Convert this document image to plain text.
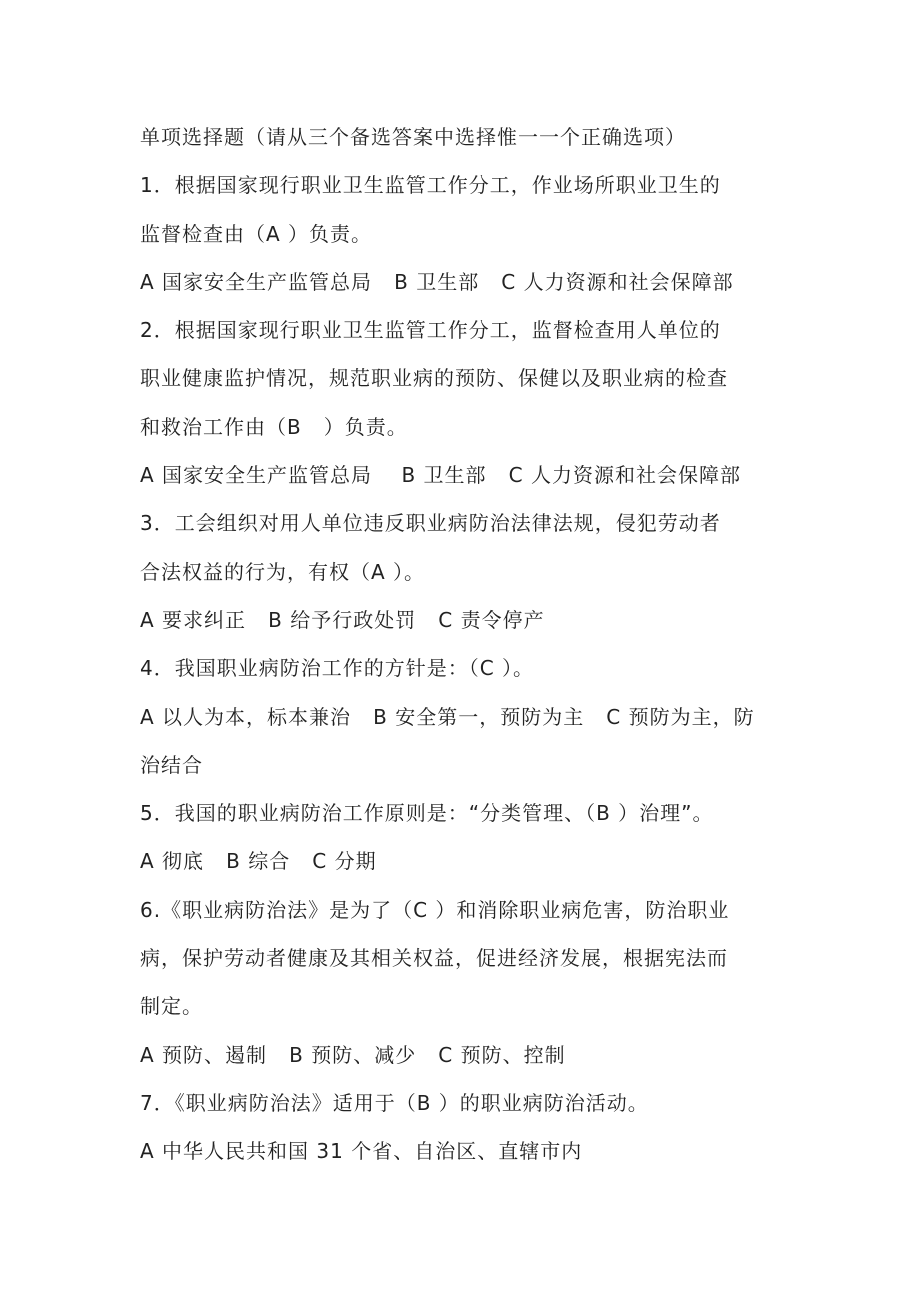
单项选择题（请从三个备选答案中选择惟一一个正确选项）
1．根据国家现行职业卫生监管工作分工，作业场所职业卫生的
监督检查由（A ）负责。
A 国家安全生产监管总局   B 卫生部   C 人力资源和社会保障部
2．根据国家现行职业卫生监管工作分工，监督检查用人单位的
职业健康监护情况，规范职业病的预防、保健以及职业病的检查
和救治工作由（B   ）负责。
A 国家安全生产监管总局    B 卫生部   C 人力资源和社会保障部
3．工会组织对用人单位违反职业病防治法律法规，侵犯劳动者
合法权益的行为，有权（A ）。
A 要求纠正   B 给予行政处罚   C 责令停产
4．我国职业病防治工作的方针是：（C ）。
A 以人为本，标本兼治   B 安全第一，预防为主   C 预防为主，防
治结合
5．我国的职业病防治工作原则是：“分类管理、（B ）治理”。
A 彻底   B 综合   C 分期
6.《职业病防治法》是为了（C ）和消除职业病危害，防治职业
病，保护劳动者健康及其相关权益，促进经济发展，根据宪法而
制定。
A 预防、遏制   B 预防、减少   C 预防、控制
7．《职业病防治法》适用于（B ）的职业病防治活动。
A 中华人民共和国 31 个省、自治区、直辖市内
